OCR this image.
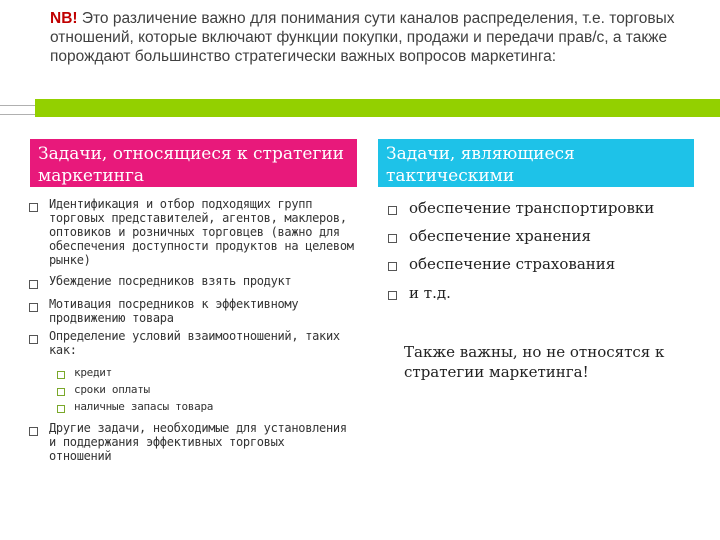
NB! Это различение важно для понимания сути каналов распределения, т.е. торговых отношений, которые включают функции покупки, продажи и передачи прав/с, а также порождают большинство стратегически важных вопросов маркетинга:
Задачи, относящиеся к стратегии маркетинга
Задачи, являющиеся тактическими
Идентификация и отбор подходящих групп торговых представителей, агентов, маклеров, оптовиков и розничных торговцев (важно для обеспечения доступности продуктов на целевом рынке)
Убеждение посредников взять продукт
Мотивация посредников к эффективному продвижению товара
Определение условий взаимоотношений, таких как:
кредит
сроки оплаты
наличные запасы товара
Другие задачи, необходимые для установления и поддержания эффективных торговых отношений
обеспечение транспортировки
обеспечение хранения
обеспечение страхования
и т.д.
Также важны, но не относятся к стратегии маркетинга!
